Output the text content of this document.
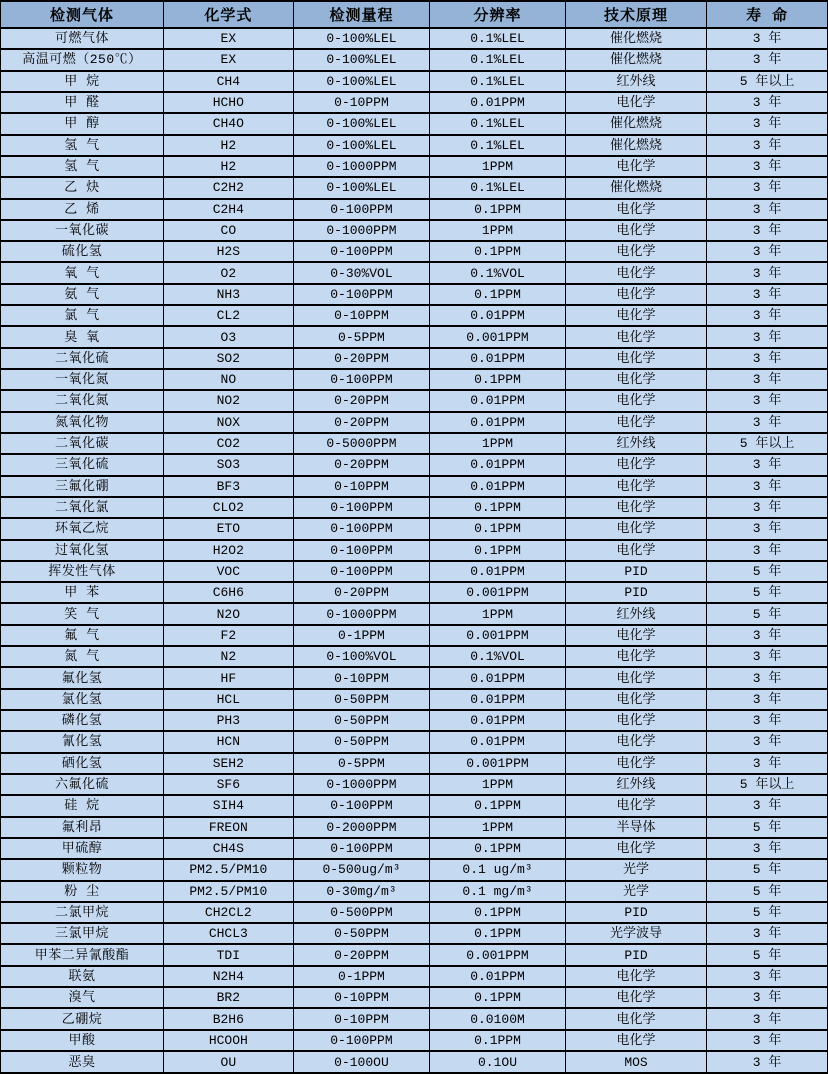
检测气体	化学式	检测量程	分辨率	技术原理	寿 命
可燃气体	EX	0-100%LEL	0.1%LEL	催化燃烧	3 年
高温可燃（250℃）	EX	0-100%LEL	0.1%LEL	催化燃烧	3 年
甲 烷	CH4	0-100%LEL	0.1%LEL	红外线	5 年以上
甲 醛	HCHO	0-10PPM	0.01PPM	电化学	3 年
甲 醇	CH4O	0-100%LEL	0.1%LEL	催化燃烧	3 年
氢 气	H2	0-100%LEL	0.1%LEL	催化燃烧	3 年
氢 气	H2	0-1000PPM	1PPM	电化学	3 年
乙 炔	C2H2	0-100%LEL	0.1%LEL	催化燃烧	3 年
乙 烯	C2H4	0-100PPM	0.1PPM	电化学	3 年
一氧化碳	CO	0-1000PPM	1PPM	电化学	3 年
硫化氢	H2S	0-100PPM	0.1PPM	电化学	3 年
氧 气	O2	0-30%VOL	0.1%VOL	电化学	3 年
氨 气	NH3	0-100PPM	0.1PPM	电化学	3 年
氯 气	CL2	0-10PPM	0.01PPM	电化学	3 年
臭 氧	O3	0-5PPM	0.001PPM	电化学	3 年
二氧化硫	SO2	0-20PPM	0.01PPM	电化学	3 年
一氧化氮	NO	0-100PPM	0.1PPM	电化学	3 年
二氧化氮	NO2	0-20PPM	0.01PPM	电化学	3 年
氮氧化物	NOX	0-20PPM	0.01PPM	电化学	3 年
二氧化碳	CO2	0-5000PPM	1PPM	红外线	5 年以上
三氧化硫	SO3	0-20PPM	0.01PPM	电化学	3 年
三氟化硼	BF3	0-10PPM	0.01PPM	电化学	3 年
二氧化氯	CLO2	0-100PPM	0.1PPM	电化学	3 年
环氧乙烷	ETO	0-100PPM	0.1PPM	电化学	3 年
过氧化氢	H2O2	0-100PPM	0.1PPM	电化学	3 年
挥发性气体	VOC	0-100PPM	0.01PPM	PID	5 年
甲 苯	C6H6	0-20PPM	0.001PPM	PID	5 年
笑 气	N2O	0-1000PPM	1PPM	红外线	5 年
氟 气	F2	0-1PPM	0.001PPM	电化学	3 年
氮 气	N2	0-100%VOL	0.1%VOL	电化学	3 年
氟化氢	HF	0-10PPM	0.01PPM	电化学	3 年
氯化氢	HCL	0-50PPM	0.01PPM	电化学	3 年
磷化氢	PH3	0-50PPM	0.01PPM	电化学	3 年
氰化氢	HCN	0-50PPM	0.01PPM	电化学	3 年
硒化氢	SEH2	0-5PPM	0.001PPM	电化学	3 年
六氟化硫	SF6	0-1000PPM	1PPM	红外线	5 年以上
硅 烷	SIH4	0-100PPM	0.1PPM	电化学	3 年
氟利昂	FREON	0-2000PPM	1PPM	半导体	5 年
甲硫醇	CH4S	0-100PPM	0.1PPM	电化学	3 年
颗粒物	PM2.5/PM10	0-500ug/m³	0.1 ug/m³	光学	5 年
粉 尘	PM2.5/PM10	0-30mg/m³	0.1 mg/m³	光学	5 年
二氯甲烷	CH2CL2	0-500PPM	0.1PPM	PID	5 年
三氯甲烷	CHCL3	0-50PPM	0.1PPM	光学波导	3 年
甲苯二异氰酸酯	TDI	0-20PPM	0.001PPM	PID	5 年
联氨	N2H4	0-1PPM	0.01PPM	电化学	3 年
溴气	BR2	0-10PPM	0.1PPM	电化学	3 年
乙硼烷	B2H6	0-10PPM	0.0100M	电化学	3 年
甲酸	HCOOH	0-100PPM	0.1PPM	电化学	3 年
恶臭	OU	0-100OU	0.1OU	MOS	3 年
